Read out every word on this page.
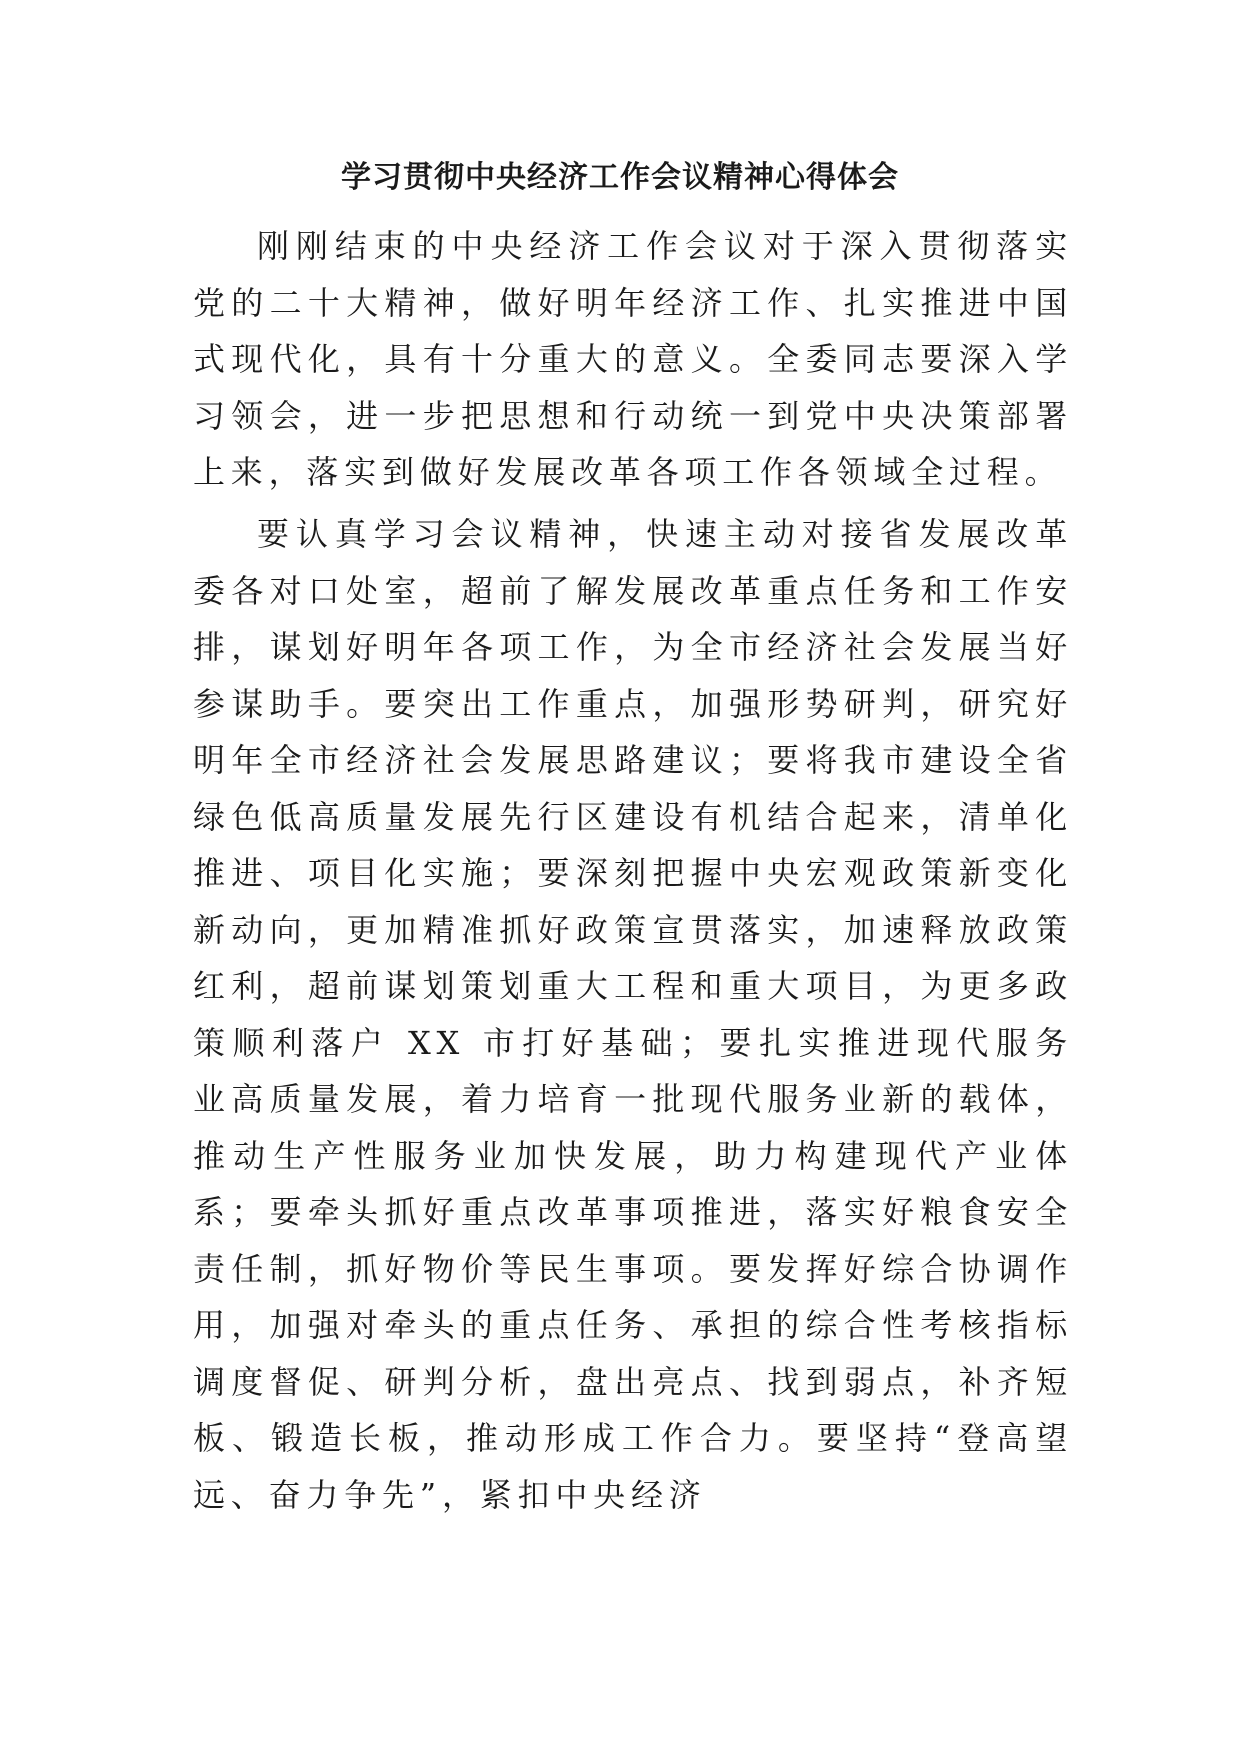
学习贯彻中央经济工作会议精神心得体会

刚刚结束的中央经济工作会议对于深入贯彻落实党的二十大精神，做好明年经济工作、扎实推进中国式现代化，具有十分重大的意义。全委同志要深入学习领会，进一步把思想和行动统一到党中央决策部署上来，落实到做好发展改革各项工作各领域全过程。

要认真学习会议精神，快速主动对接省发展改革委各对口处室，超前了解发展改革重点任务和工作安排，谋划好明年各项工作，为全市经济社会发展当好参谋助手。要突出工作重点，加强形势研判，研究好明年全市经济社会发展思路建议；要将我市建设全省绿色低高质量发展先行区建设有机结合起来，清单化推进、项目化实施；要深刻把握中央宏观政策新变化新动向，更加精准抓好政策宣贯落实，加速释放政策红利，超前谋划策划重大工程和重大项目，为更多政策顺利落户 XX 市打好基础；要扎实推进现代服务业高质量发展，着力培育一批现代服务业新的载体，推动生产性服务业加快发展，助力构建现代产业体系；要牵头抓好重点改革事项推进，落实好粮食安全责任制，抓好物价等民生事项。要发挥好综合协调作用，加强对牵头的重点任务、承担的综合性考核指标调度督促、研判分析，盘出亮点、找到弱点，补齐短板、锻造长板，推动形成工作合力。要坚持“登高望远、奋力争先”，紧扣中央经济
